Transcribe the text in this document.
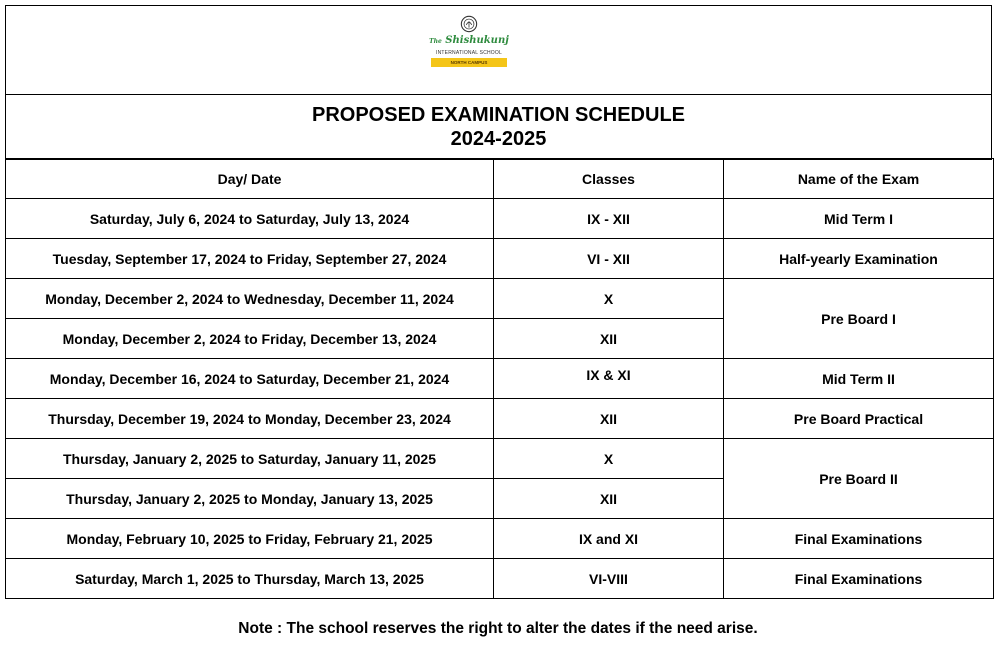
The Shishukunj
INTERNATIONAL SCHOOL
NORTH CAMPUS
PROPOSED EXAMINATION SCHEDULE
2024-2025
Day/ Date	Classes	Name of the Exam
Saturday, July 6, 2024 to Saturday, July 13, 2024	IX - XII	Mid Term I
Tuesday, September 17, 2024 to Friday, September 27, 2024	VI - XII	Half-yearly Examination
Monday, December 2, 2024 to Wednesday, December 11, 2024	X	Pre Board I
Monday, December 2, 2024 to Friday, December 13, 2024	XII	
Monday, December 16, 2024 to Saturday, December 21, 2024	IX & XI	Mid Term II
Thursday, December 19, 2024 to Monday, December 23, 2024	XII	Pre Board Practical
Thursday, January 2, 2025 to Saturday, January 11, 2025	X	Pre Board II
Thursday, January 2, 2025 to Monday, January 13, 2025	XII	
Monday, February 10, 2025 to Friday, February 21, 2025	IX and XI	Final Examinations
Saturday, March 1, 2025 to Thursday, March 13, 2025	VI-VIII	Final Examinations
Note : The school reserves the right to alter the dates if the need arise.
